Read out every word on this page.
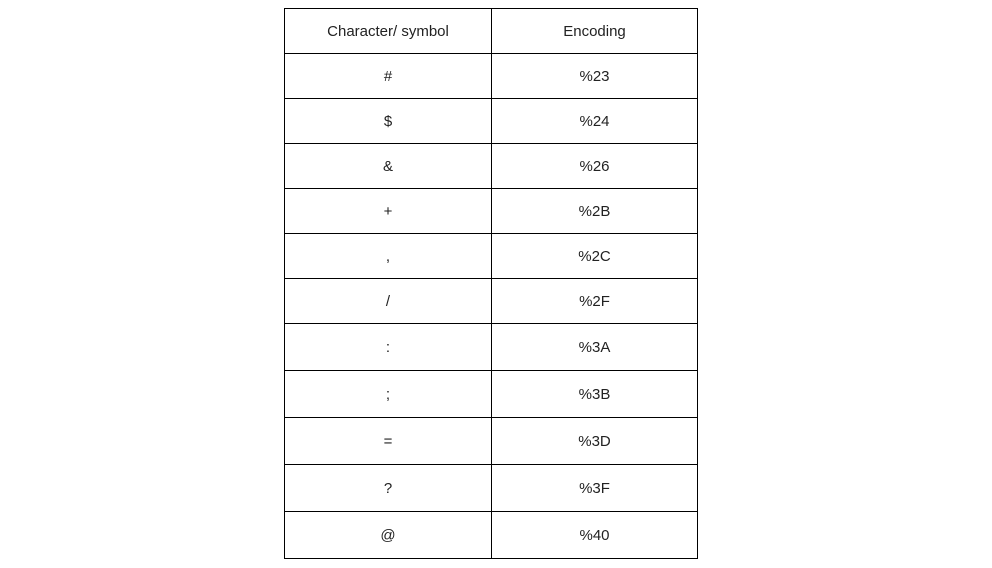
Character/ symbol	Encoding
#	%23
$	%24
&	%26
+	%2B
,	%2C
/	%2F
:	%3A
;	%3B
=	%3D
?	%3F
@	%40
